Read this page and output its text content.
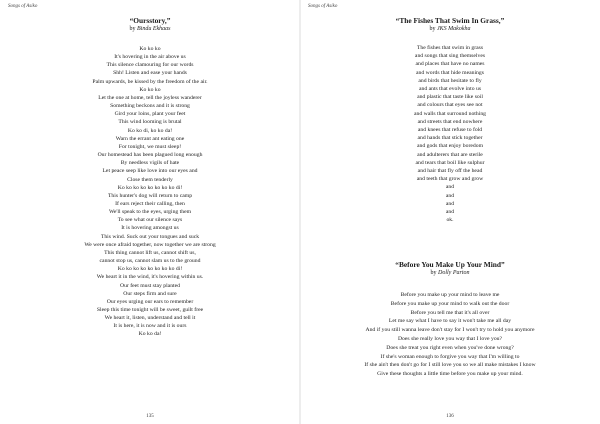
Songs of Asiko
“Oursstory,”
by Bindu Ekhaas
Ko ko ko
It's hovering in the air above us
This silence clamouring for our words
Shh! Listen and ease your hands
Palm upwards, be kissed by the freedom of the air.
Ko ko ko
Let the one at home, tell the joyless wanderer
Something beckons and it is strong
Gird your loins, plant your feet
This wind looming is brutal
Ko ko di, ko ko da!
Warn the errant ant eating one
For tonight, we must sleep!
Our homestead has been plagued long enough
By needless vigils of hate
Let peace seep like love into our eyes and
Close them tenderly
Ko ko ko ko ko ko ko ko di!
This hunter's dog will return to camp
If ears reject their calling, then
We'll speak to the eyes, urging them
To see what our silence says
It is hovering amongst us
This wind. Suck out your tongues and suck
We were once afraid together, now together we are strong
This thing cannot lift us, cannot shift us,
cannot stop us, cannot slam us to the ground
Ko ko ko ko ko ko ko ko di!
We heart it in the wind, it's hovering within us.
Our feet must stay planted
Our steps firm and sure
Our eyes urging our ears to remember
Sleep this time tonight will be sweet, guilt free
We heart it, listen, understand and tell it
It is here, it is now and it is ours
Ko ko da!
135
Songs of Asiko
“The Fishes That Swim In Grass,”
by JKS Makokha
The fishes that swim in grass
and songs that sing themselves
and places that have no names
and words that hide meanings
and birds that hesitate to fly
and ants that evolve into us
and plastic that taste like soil
and colours that eyes see not
and walls that surround nothing
and streets that end nowhere
and knees that refuse to fold
and hands that stick together
and gods that enjoy boredom
and adulterers that are sterile
and tears that boil like sulphur
and hair that fly off the head
and teeth that grow and grow
and
and
and
and
ok.
“Before You Make Up Your Mind”
by Dolly Parton
Before you make up your mind to leave me
Before you make up your mind to walk out the door
Before you tell me that it's all over
Let me say what I have to say it won't take me all day
And if you still wanna leave don't stay for I won't try to hold you anymore
Does she really love you way that I love you?
Does she treat you right even when you've done wrong?
If she's woman enough to forgive you way that I'm willing to
If she ain't then don't go for I still love you so we all make mistakes I know
Give these thoughts a little time before you make up your mind.
136
